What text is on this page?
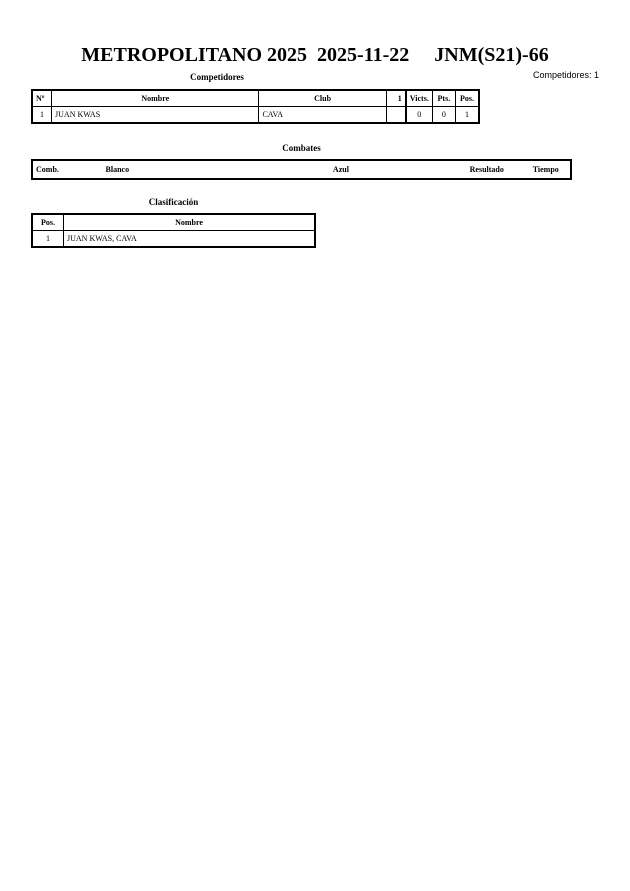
METROPOLITANO 2025 2025-11-22 JNM(S21)-66
Competidores: 1
Competidores
Nº	Nombre	Club	1	Victs.	Pts.	Pos.
1	JUAN KWAS	CAVA		0	0	1
Combates
Comb.	Blanco	Azul	Resultado	Tiempo
Clasificación
Pos.	Nombre
1	JUAN KWAS, CAVA
